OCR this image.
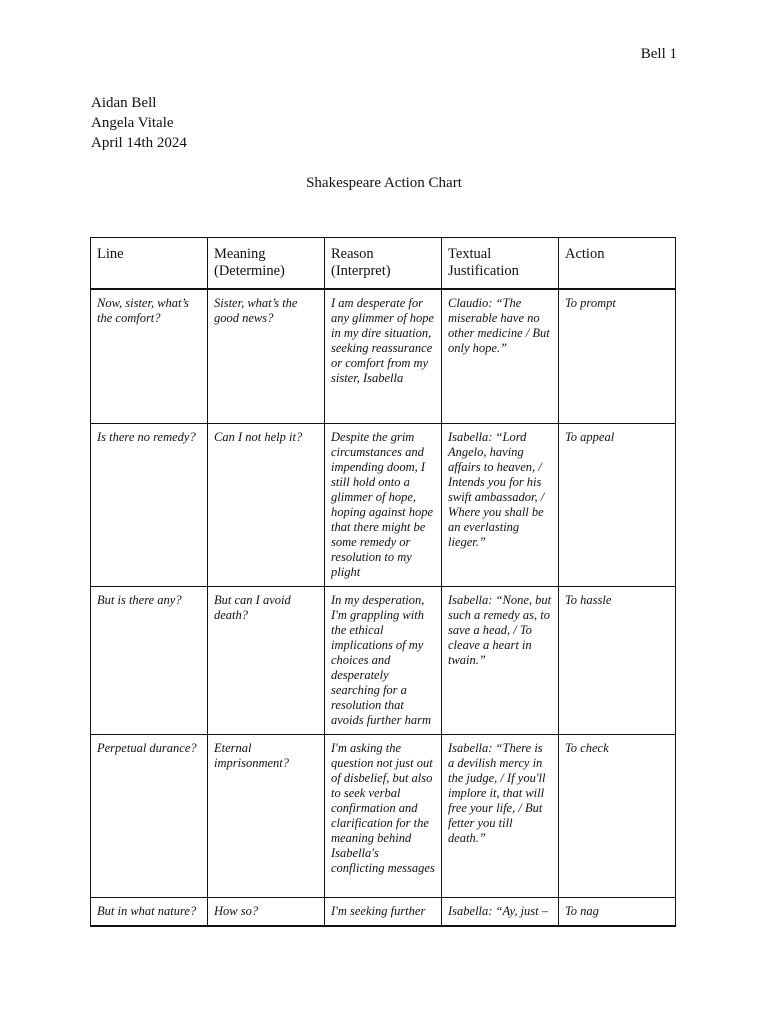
Bell 1
Aidan Bell
Angela Vitale
April 14th 2024
Shakespeare Action Chart
Line	Meaning (Determine)	Reason (Interpret)	Textual Justification	Action
Now, sister, what’s the comfort?	Sister, what’s the good news?	I am desperate for any glimmer of hope in my dire situation, seeking reassurance or comfort from my sister, Isabella	Claudio: “The miserable have no other medicine / But only hope.”	To prompt
Is there no remedy?	Can I not help it?	Despite the grim circumstances and impending doom, I still hold onto a glimmer of hope, hoping against hope that there might be some remedy or resolution to my plight	Isabella: “Lord Angelo, having affairs to heaven, / Intends you for his swift ambassador, / Where you shall be an everlasting lieger.”	To appeal
But is there any?	But can I avoid death?	In my desperation, I'm grappling with the ethical implications of my choices and desperately searching for a resolution that avoids further harm	Isabella: “None, but such a remedy as, to save a head, / To cleave a heart in twain.”	To hassle
Perpetual durance?	Eternal imprisonment?	I'm asking the question not just out of disbelief, but also to seek verbal confirmation and clarification for the meaning behind Isabella's conflicting messages	Isabella: “There is a devilish mercy in the judge, / If you'll implore it, that will free your life, / But fetter you till death.”	To check
But in what nature?	How so?	I'm seeking further	Isabella: “Ay, just –	To nag
